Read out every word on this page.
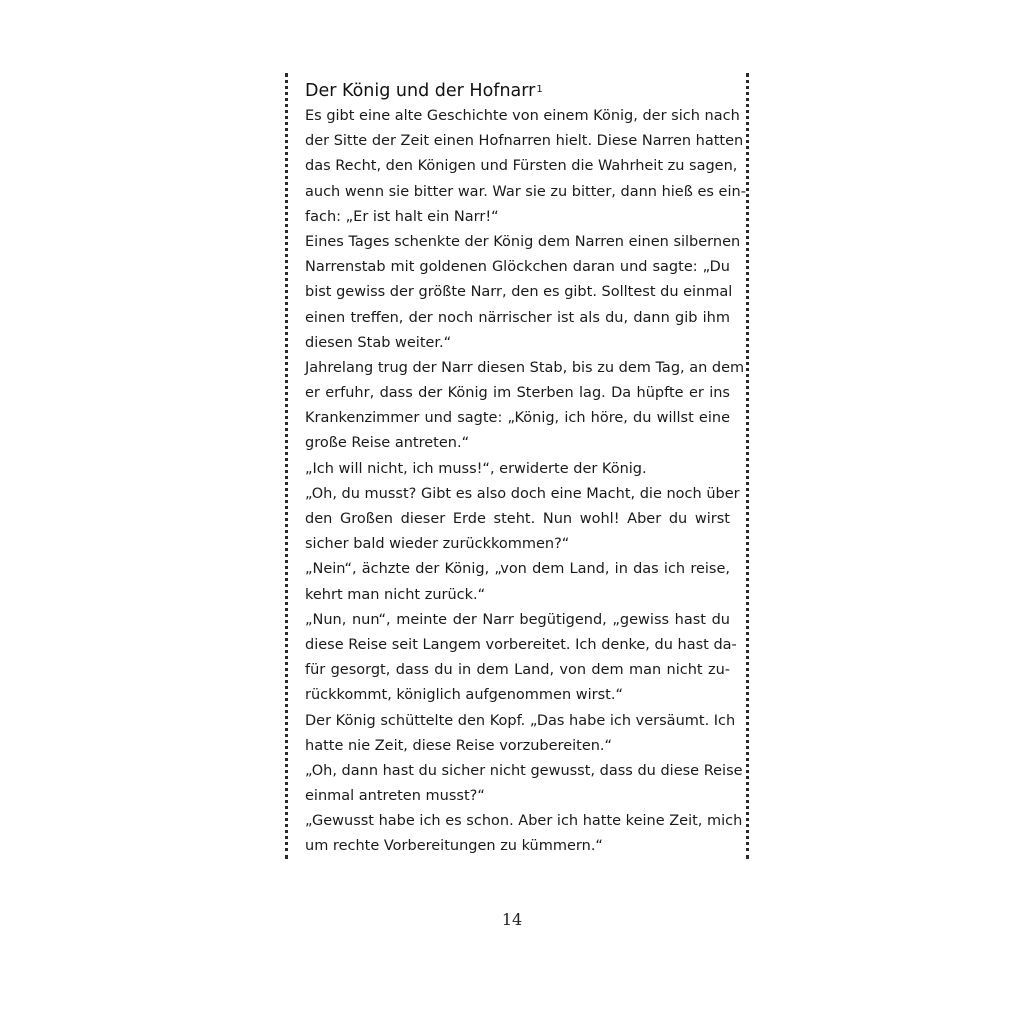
Der König und der Hofnarr$^1$
Es gibt eine alte Geschichte von einem König, der sich nach
der Sitte der Zeit einen Hofnarren hielt. Diese Narren hatten
das Recht, den Königen und Fürsten die Wahrheit zu sagen,
auch wenn sie bitter war. War sie zu bitter, dann hieß es ein-
fach: „Er ist halt ein Narr!“
Eines Tages schenkte der König dem Narren einen silbernen
Narrenstab mit goldenen Glöckchen daran und sagte: „Du
bist gewiss der größte Narr, den es gibt. Solltest du einmal
einen treffen, der noch närrischer ist als du, dann gib ihm
diesen Stab weiter.“
Jahrelang trug der Narr diesen Stab, bis zu dem Tag, an dem
er erfuhr, dass der König im Sterben lag. Da hüpfte er ins
Krankenzimmer und sagte: „König, ich höre, du willst eine
große Reise antreten.“
„Ich will nicht, ich muss!“, erwiderte der König.
„Oh, du musst? Gibt es also doch eine Macht, die noch über
den Großen dieser Erde steht. Nun wohl! Aber du wirst
sicher bald wieder zurückkommen?“
„Nein“, ächzte der König, „von dem Land, in das ich reise,
kehrt man nicht zurück.“
„Nun, nun“, meinte der Narr begütigend, „gewiss hast du
diese Reise seit Langem vorbereitet. Ich denke, du hast da-
für gesorgt, dass du in dem Land, von dem man nicht zu-
rückkommt, königlich aufgenommen wirst.“
Der König schüttelte den Kopf. „Das habe ich versäumt. Ich
hatte nie Zeit, diese Reise vorzubereiten.“
„Oh, dann hast du sicher nicht gewusst, dass du diese Reise
einmal antreten musst?“
„Gewusst habe ich es schon. Aber ich hatte keine Zeit, mich
um rechte Vorbereitungen zu kümmern.“
14
